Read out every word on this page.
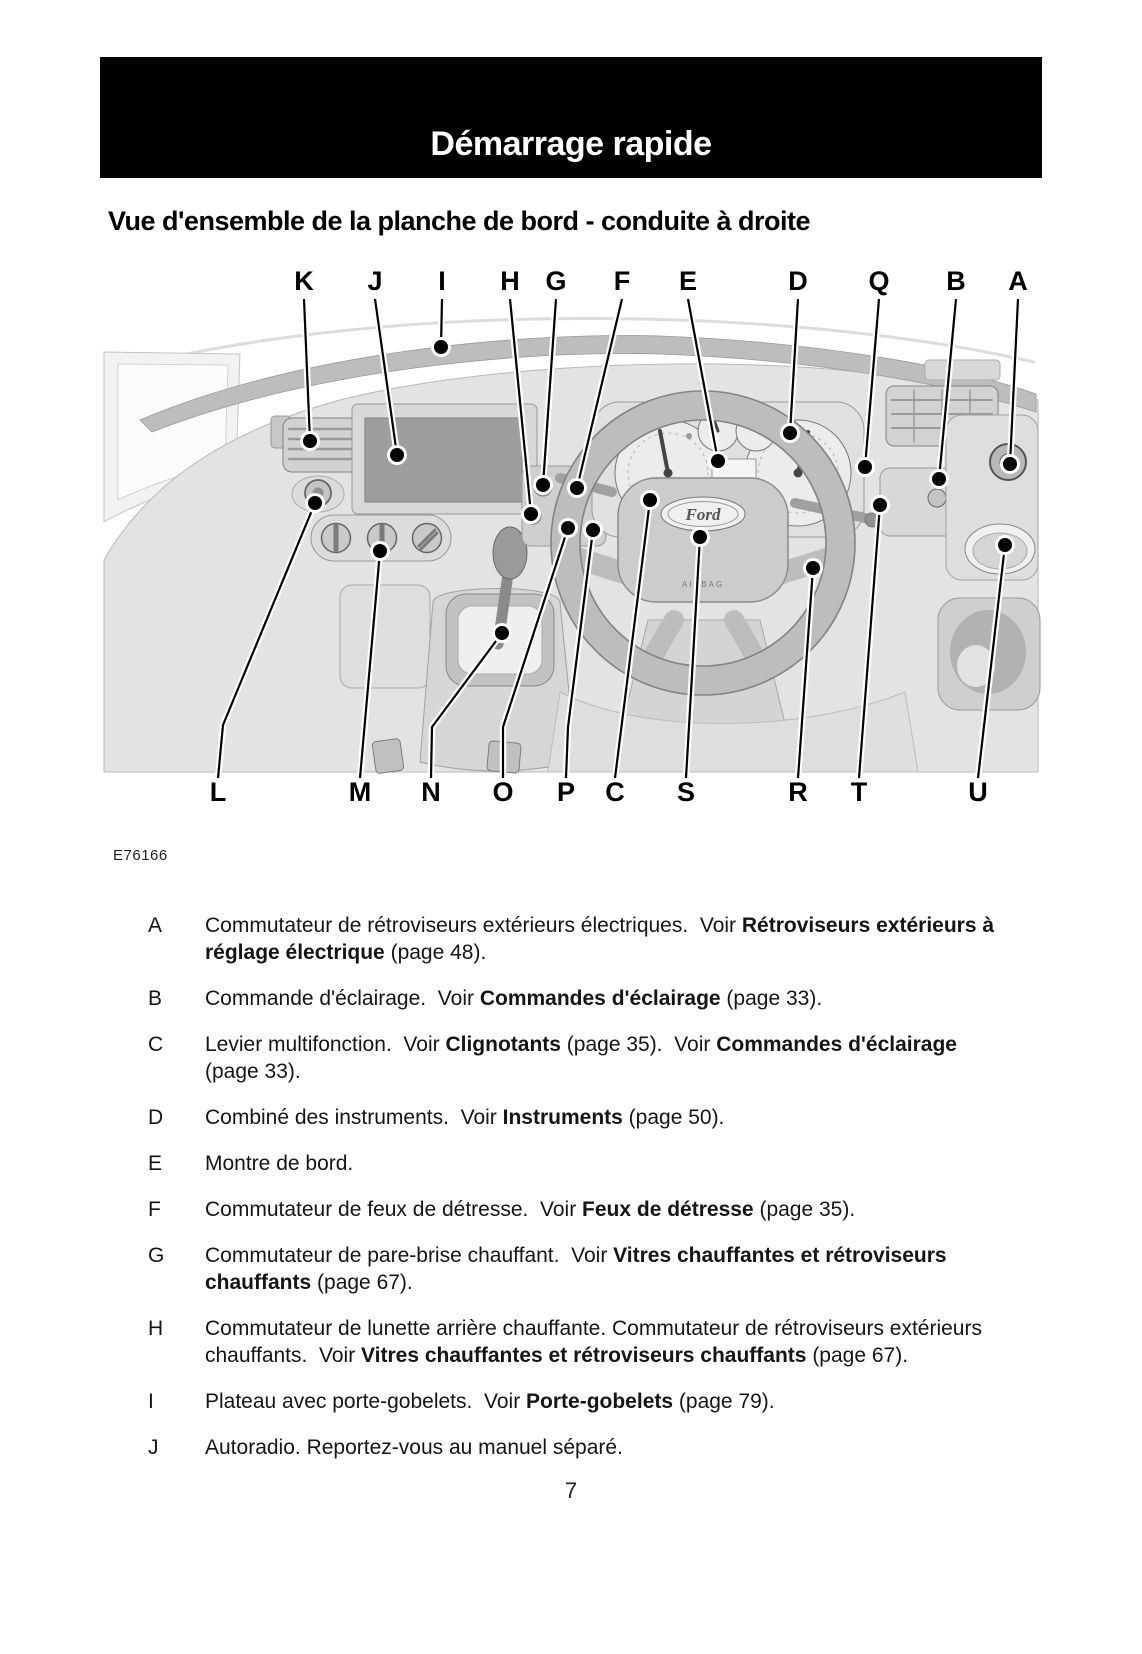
Démarrage rapide
Vue d'ensemble de la planche de bord - conduite à droite
Ford
AIRBAG
K J I H G F E	D Q B A
L	M N O P C S	R T	U
E76166
A	Commutateur de rétroviseurs extérieurs électriques.  Voir Rétroviseurs extérieurs à réglage électrique (page 48).
B	Commande d'éclairage.  Voir Commandes d'éclairage (page 33).
C	Levier multifonction.  Voir Clignotants (page 35).  Voir Commandes d'éclairage (page 33).
D	Combiné des instruments.  Voir Instruments (page 50).
E	Montre de bord.
F	Commutateur de feux de détresse.  Voir Feux de détresse (page 35).
G	Commutateur de pare-brise chauffant.  Voir Vitres chauffantes et rétroviseurs chauffants (page 67).
H	Commutateur de lunette arrière chauffante. Commutateur de rétroviseurs extérieurs chauffants.  Voir Vitres chauffantes et rétroviseurs chauffants (page 67).
I	Plateau avec porte-gobelets.  Voir Porte-gobelets (page 79).
J	Autoradio. Reportez-vous au manuel séparé.
7
